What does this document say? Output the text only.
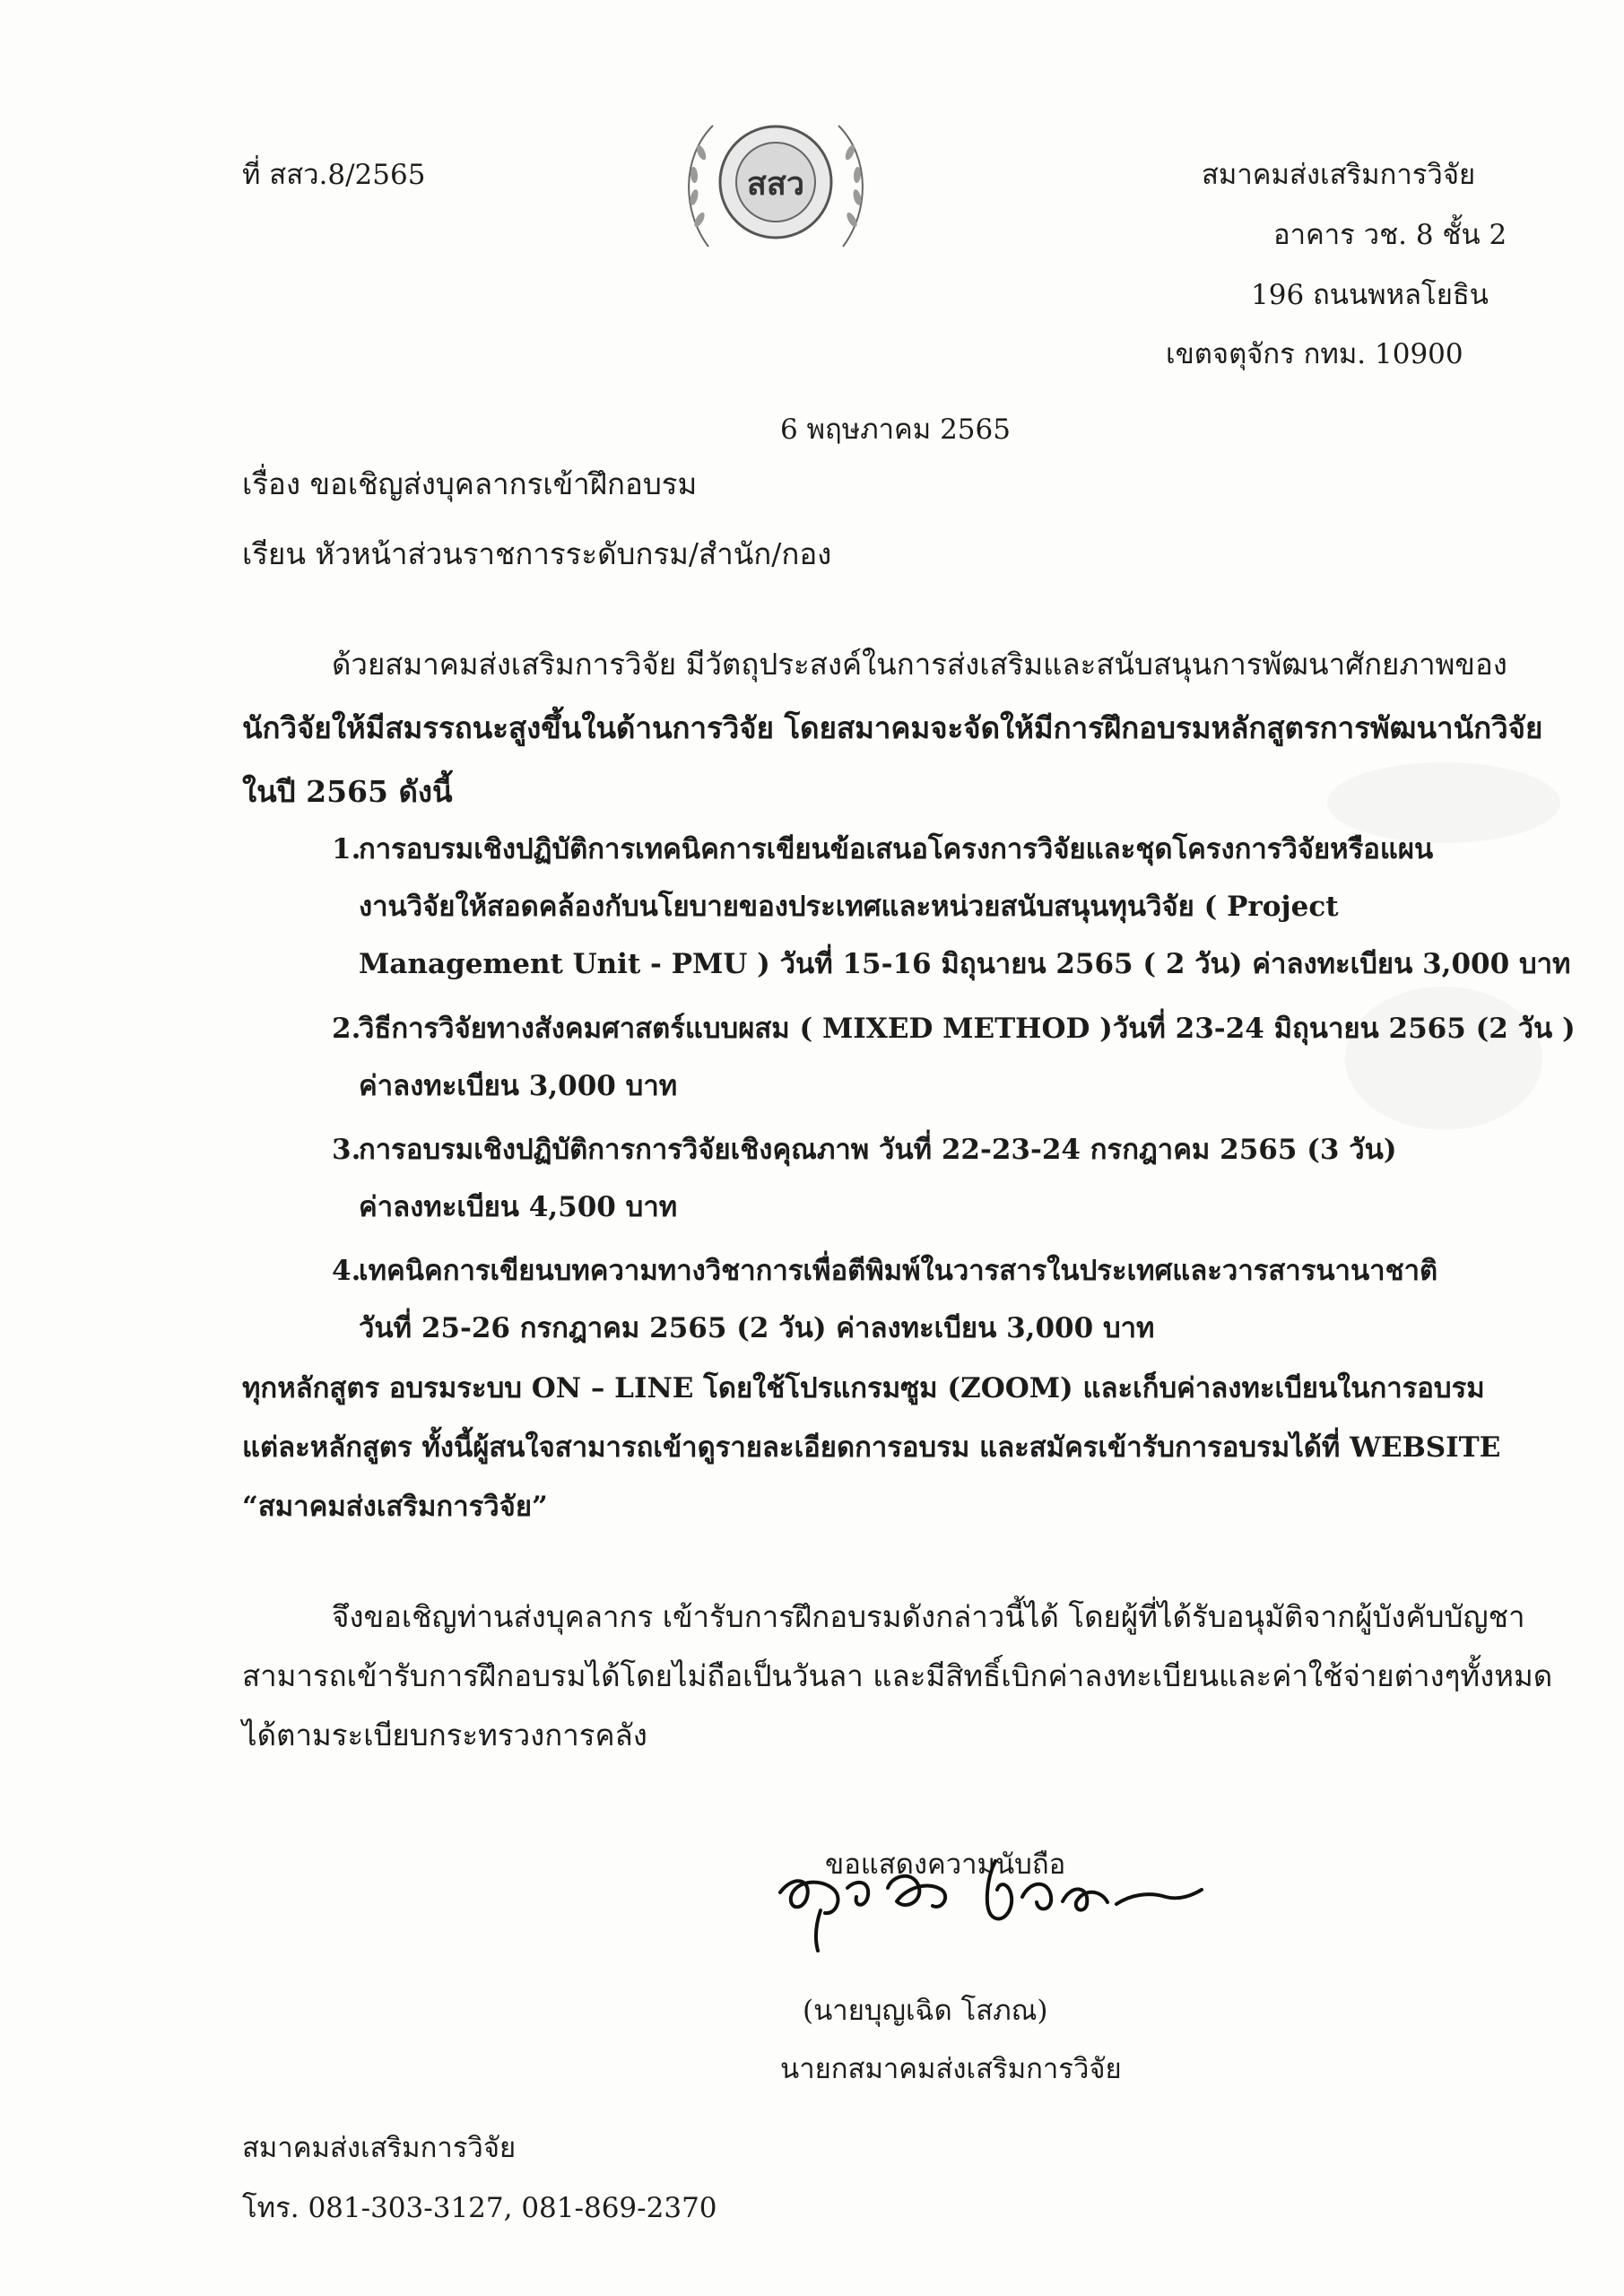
ที่ สสว.8/2565	สสว	สมาคมส่งเสริมการวิจัย
อาคาร วช. 8 ชั้น 2
196 ถนนพหลโยธิน
เขตจตุจักร กทม. 10900
6 พฤษภาคม 2565
เรื่อง ขอเชิญส่งบุคลากรเข้าฝึกอบรม
เรียน หัวหน้าส่วนราชการระดับกรม/สำนัก/กอง
ด้วยสมาคมส่งเสริมการวิจัย มีวัตถุประสงค์ในการส่งเสริมและสนับสนุนการพัฒนาศักยภาพของ
นักวิจัยให้มีสมรรถนะสูงขึ้นในด้านการวิจัย โดยสมาคมจะจัดให้มีการฝึกอบรมหลักสูตรการพัฒนานักวิจัย
ในปี 2565 ดังนี้
1.การอบรมเชิงปฏิบัติการเทคนิคการเขียนข้อเสนอโครงการวิจัยและชุดโครงการวิจัยหรือแผน
งานวิจัยให้สอดคล้องกับนโยบายของประเทศและหน่วยสนับสนุนทุนวิจัย ( Project
Management Unit - PMU ) วันที่ 15-16 มิถุนายน 2565 ( 2 วัน) ค่าลงทะเบียน 3,000 บาท
2.วิธีการวิจัยทางสังคมศาสตร์แบบผสม ( MIXED METHOD )วันที่ 23-24 มิถุนายน 2565 (2 วัน )
ค่าลงทะเบียน 3,000 บาท
3.การอบรมเชิงปฏิบัติการการวิจัยเชิงคุณภาพ วันที่ 22-23-24 กรกฎาคม 2565 (3 วัน)
ค่าลงทะเบียน 4,500 บาท
4.เทคนิคการเขียนบทความทางวิชาการเพื่อตีพิมพ์ในวารสารในประเทศและวารสารนานาชาติ
วันที่ 25-26 กรกฎาคม 2565 (2 วัน) ค่าลงทะเบียน 3,000 บาท
ทุกหลักสูตร อบรมระบบ ON – LINE โดยใช้โปรแกรมซูม (ZOOM) และเก็บค่าลงทะเบียนในการอบรม
แต่ละหลักสูตร ทั้งนี้ผู้สนใจสามารถเข้าดูรายละเอียดการอบรม และสมัครเข้ารับการอบรมได้ที่ WEBSITE
“สมาคมส่งเสริมการวิจัย”
จึงขอเชิญท่านส่งบุคลากร เข้ารับการฝึกอบรมดังกล่าวนี้ได้ โดยผู้ที่ได้รับอนุมัติจากผู้บังคับบัญชา
สามารถเข้ารับการฝึกอบรมได้โดยไม่ถือเป็นวันลา และมีสิทธิ์เบิกค่าลงทะเบียนและค่าใช้จ่ายต่างๆทั้งหมด
ได้ตามระเบียบกระทรวงการคลัง
ขอแสดงความนับถือ
(นายบุญเฉิด โสภณ)
นายกสมาคมส่งเสริมการวิจัย
สมาคมส่งเสริมการวิจัย
โทร. 081-303-3127, 081-869-2370
